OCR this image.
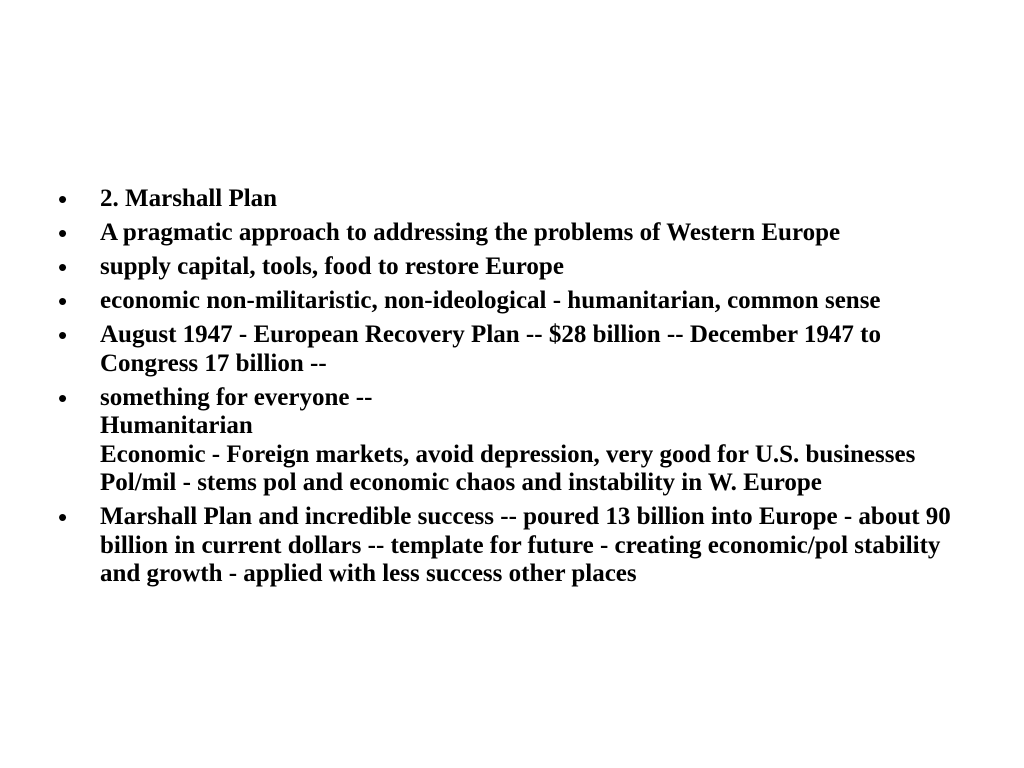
• 2. Marshall Plan
• A pragmatic approach to addressing the problems of Western Europe
• supply capital, tools, food to restore Europe
• economic non-militaristic, non-ideological - humanitarian, common sense
• August 1947 - European Recovery Plan -- $28 billion -- December 1947 to Congress 17 billion --
• something for everyone --
Humanitarian
Economic - Foreign markets, avoid depression, very good for U.S. businesses
Pol/mil - stems pol and economic chaos and instability in W. Europe
• Marshall Plan and incredible success -- poured 13 billion into Europe - about 90 billion in current dollars -- template for future - creating economic/pol stability and growth - applied with less success other places
